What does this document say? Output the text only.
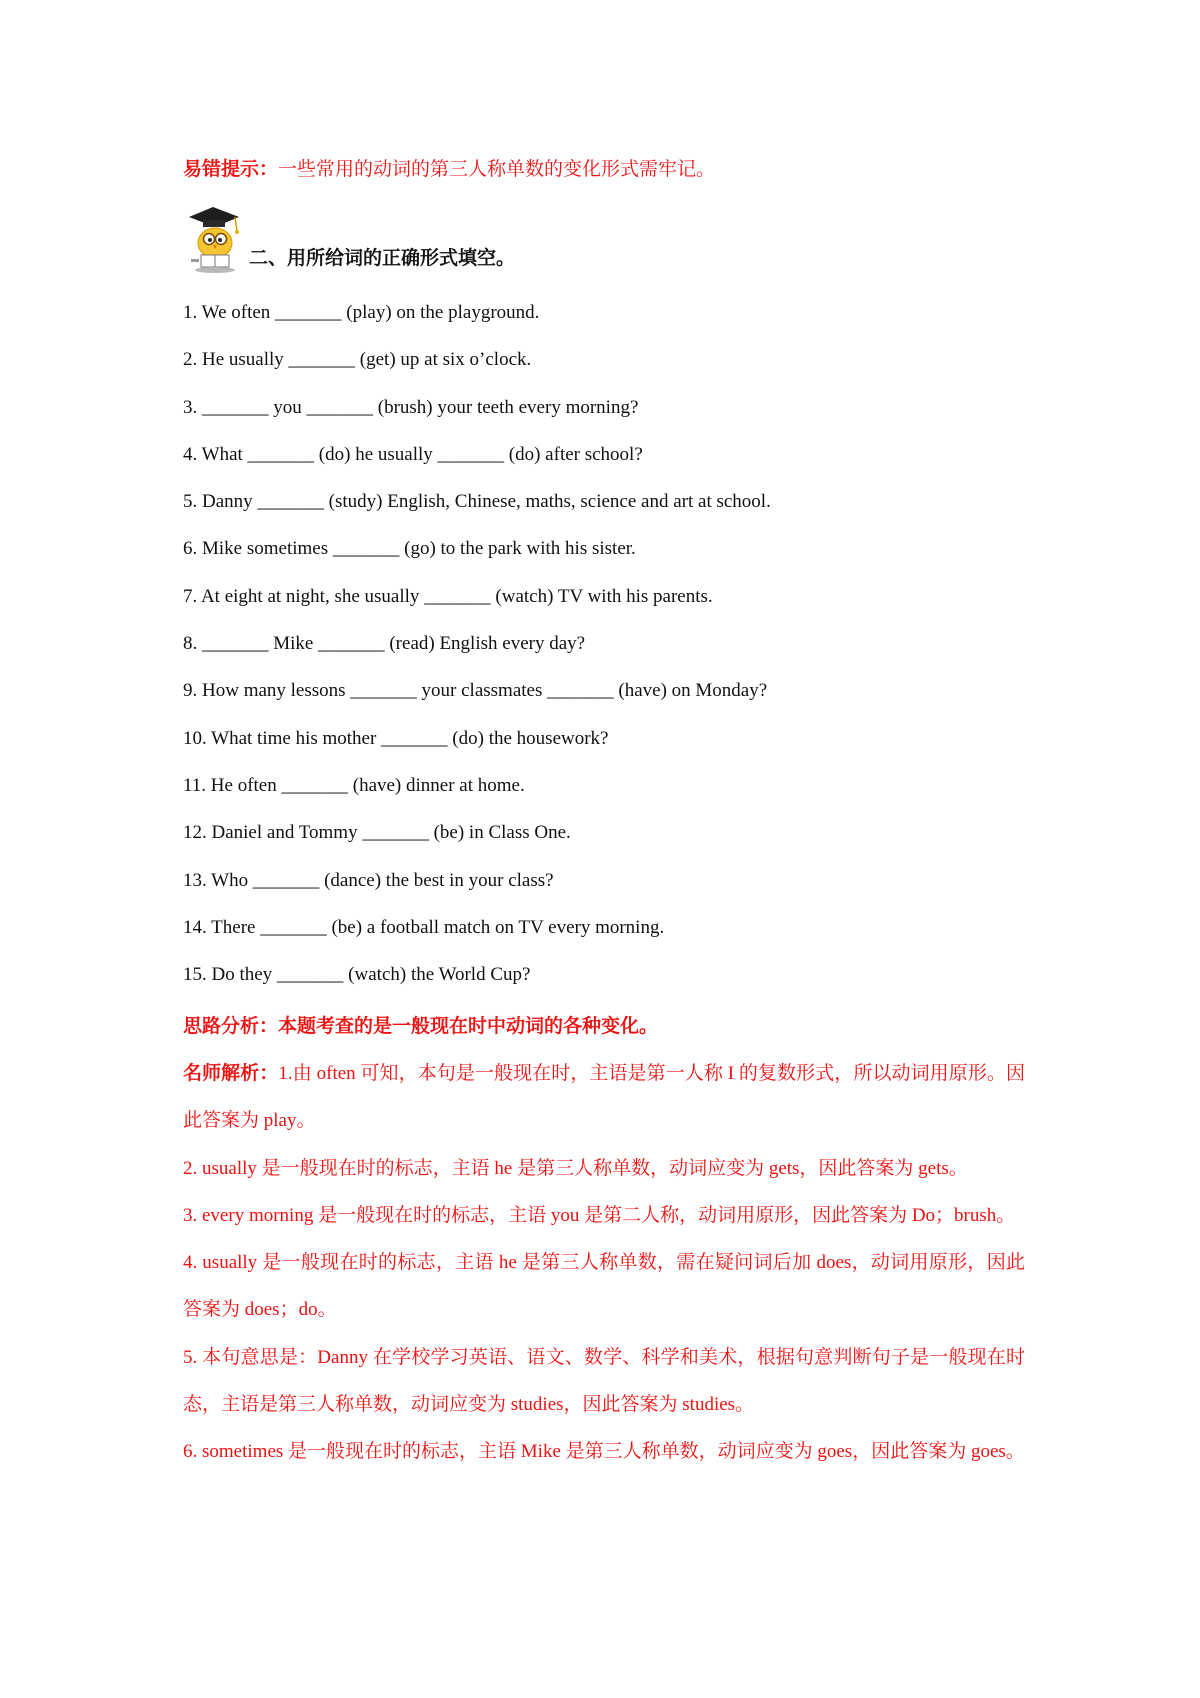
易错提示：一些常用的动词的第三人称单数的变化形式需牢记。
二、用所给词的正确形式填空。
1. We often _______ (play) on the playground.
2. He usually _______ (get) up at six o’clock.
3. _______ you _______ (brush) your teeth every morning?
4. What _______ (do) he usually _______ (do) after school?
5. Danny _______ (study) English, Chinese, maths, science and art at school.
6. Mike sometimes _______ (go) to the park with his sister.
7. At eight at night, she usually _______ (watch) TV with his parents.
8. _______ Mike _______ (read) English every day?
9. How many lessons _______ your classmates _______ (have) on Monday?
10. What time his mother _______ (do) the housework?
11. He often _______ (have) dinner at home.
12. Daniel and Tommy _______ (be) in Class One.
13. Who _______ (dance) the best in your class?
14. There _______ (be) a football match on TV every morning.
15. Do they _______ (watch) the World Cup?
思路分析：本题考查的是一般现在时中动词的各种变化。

名师解析：1.由 often 可知，本句是一般现在时，主语是第一人称 I 的复数形式，所以动词用原形。因此答案为 play。

2. usually 是一般现在时的标志，主语 he 是第三人称单数，动词应变为 gets，因此答案为 gets。

3. every morning 是一般现在时的标志，主语 you 是第二人称，动词用原形，因此答案为 Do；brush。

4. usually 是一般现在时的标志，主语 he 是第三人称单数，需在疑问词后加 does，动词用原形，因此答案为 does；do。

5. 本句意思是：Danny 在学校学习英语、语文、数学、科学和美术，根据句意判断句子是一般现在时态，主语是第三人称单数，动词应变为 studies，因此答案为 studies。

6. sometimes 是一般现在时的标志，主语 Mike 是第三人称单数，动词应变为 goes，因此答案为 goes。
